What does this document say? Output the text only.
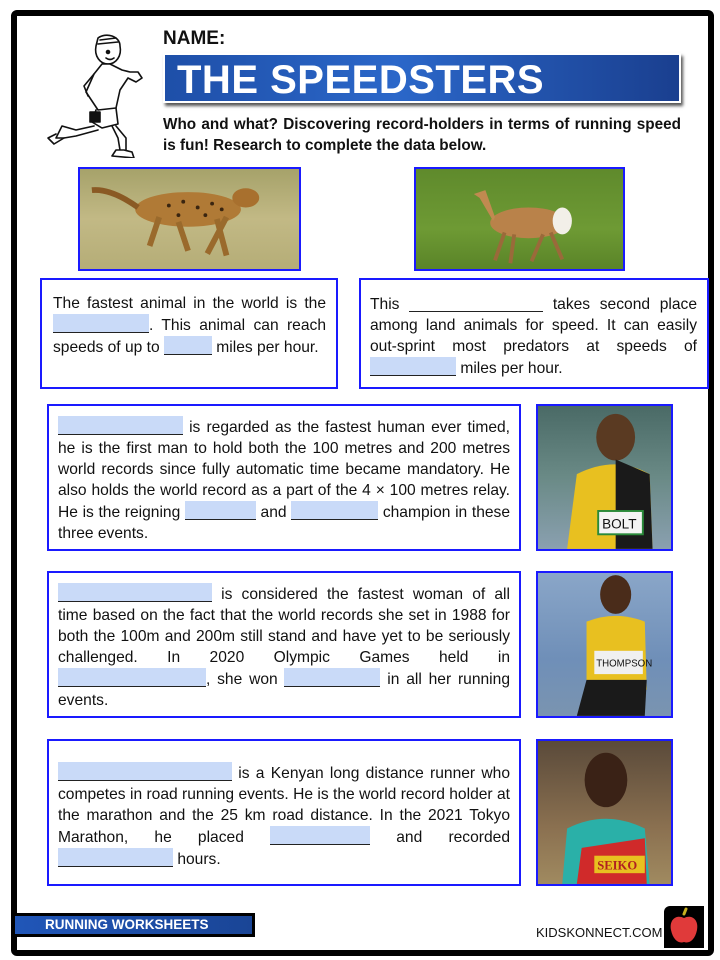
NAME:
THE SPEEDSTERS
Who and what? Discovering record-holders in terms of running speed is fun! Research to complete the data below.
The fastest animal in the world is the . This animal can reach speeds of up to	miles per hour.
This	takes second place among land animals for speed. It can easily out-sprint most predators at speeds of  miles per hour.
is regarded as the fastest human ever timed, he is the first man to hold both the 100 metres and 200 metres world records since fully automatic time became mandatory. He also holds the world record as a part of the 4 × 100 metres relay. He is the reigning	and	champion in these three events.
BOLT
is considered the fastest woman of all time based on the fact that the world records she set in 1988 for both the 100m and 200m still stand and have yet to be seriously challenged. In 2020 Olympic Games held in , she won	in all her running events.
THOMPSON
is a Kenyan long distance runner who competes in road running events. He is the world record holder at the marathon and the 25 km road distance. In the 2021 Tokyo Marathon, he placed	and recorded  hours.	SEIKO
RUNNING WORKSHEETS
KIDSKONNECT.COM
